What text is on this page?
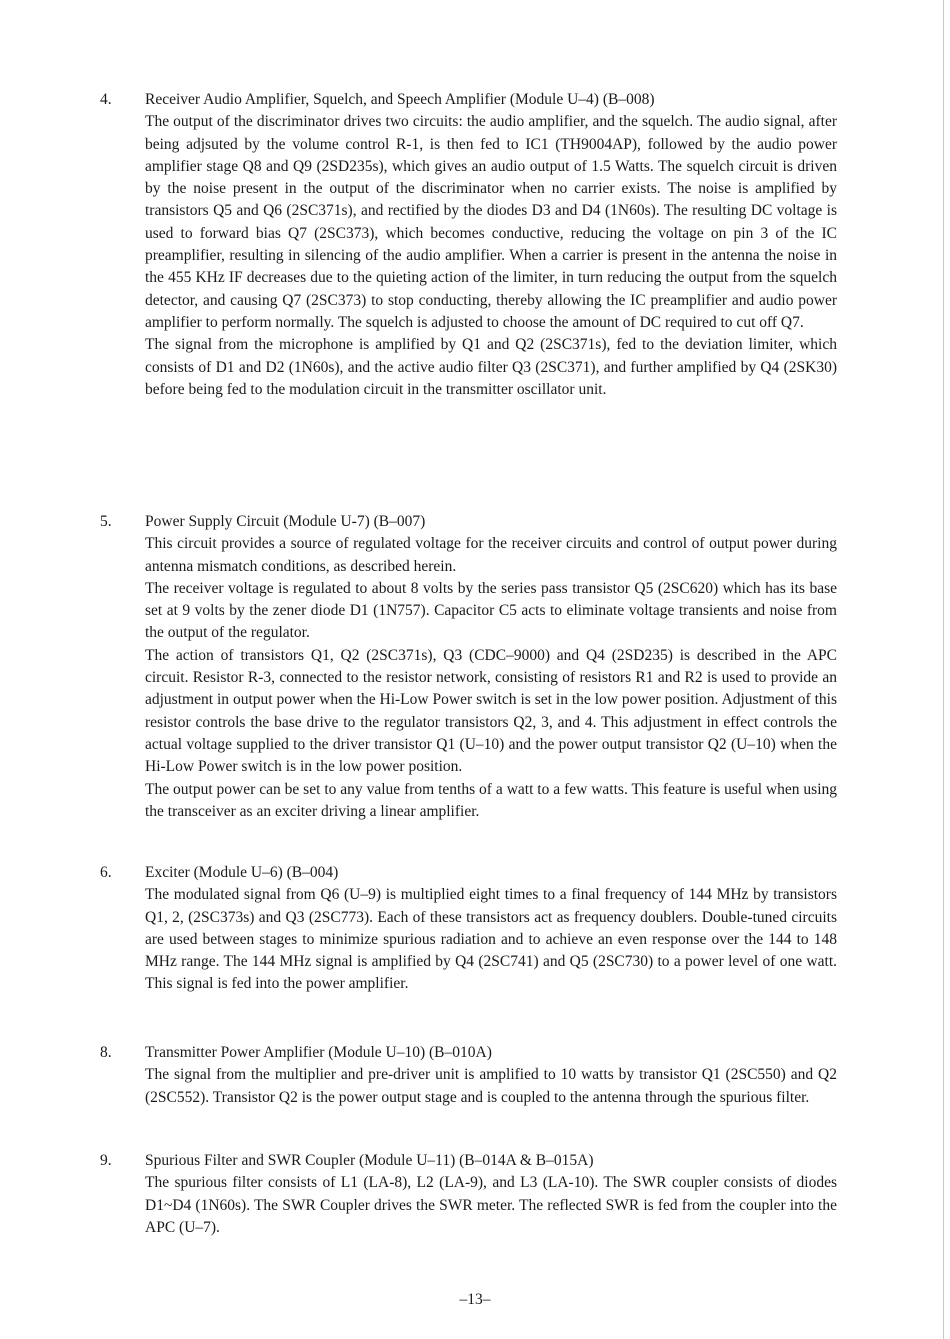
4. Receiver Audio Amplifier, Squelch, and Speech Amplifier (Module U–4) (B–008)

The output of the discriminator drives two circuits: the audio amplifier, and the squelch. The audio signal, after being adjsuted by the volume control R-1, is then fed to IC1 (TH9004AP), followed by the audio power amplifier stage Q8 and Q9 (2SD235s), which gives an audio output of 1.5 Watts. The squelch circuit is driven by the noise present in the output of the discriminator when no carrier exists. The noise is amplified by transistors Q5 and Q6 (2SC371s), and rectified by the diodes D3 and D4 (1N60s). The resulting DC voltage is used to forward bias Q7 (2SC373), which becomes conductive, reducing the voltage on pin 3 of the IC preamplifier, resulting in silencing of the audio amplifier. When a carrier is present in the antenna the noise in the 455 KHz IF decreases due to the quieting action of the limiter, in turn reducing the output from the squelch detector, and causing Q7 (2SC373) to stop conducting, thereby allowing the IC preamplifier and audio power amplifier to perform normally. The squelch is adjusted to choose the amount of DC required to cut off Q7.

The signal from the microphone is amplified by Q1 and Q2 (2SC371s), fed to the deviation limiter, which consists of D1 and D2 (1N60s), and the active audio filter Q3 (2SC371), and further amplified by Q4 (2SK30) before being fed to the modulation circuit in the transmitter oscillator unit.

5. Power Supply Circuit (Module U-7) (B–007)

This circuit provides a source of regulated voltage for the receiver circuits and control of output power during antenna mismatch conditions, as described herein.

The receiver voltage is regulated to about 8 volts by the series pass transistor Q5 (2SC620) which has its base set at 9 volts by the zener diode D1 (1N757). Capacitor C5 acts to eliminate voltage transients and noise from the output of the regulator.

The action of transistors Q1, Q2 (2SC371s), Q3 (CDC–9000) and Q4 (2SD235) is described in the APC circuit. Resistor R-3, connected to the resistor network, consisting of resistors R1 and R2 is used to provide an adjustment in output power when the Hi-Low Power switch is set in the low power position. Adjustment of this resistor controls the base drive to the regulator transistors Q2, 3, and 4. This adjustment in effect controls the actual voltage supplied to the driver transistor Q1 (U–10) and the power output transistor Q2 (U–10) when the Hi-Low Power switch is in the low power position.

The output power can be set to any value from tenths of a watt to a few watts. This feature is useful when using the transceiver as an exciter driving a linear amplifier.

6. Exciter (Module U–6) (B–004)

The modulated signal from Q6 (U–9) is multiplied eight times to a final frequency of 144 MHz by transistors Q1, 2, (2SC373s) and Q3 (2SC773). Each of these transistors act as frequency doublers. Double-tuned circuits are used between stages to minimize spurious radiation and to achieve an even response over the 144 to 148 MHz range. The 144 MHz signal is amplified by Q4 (2SC741) and Q5 (2SC730) to a power level of one watt. This signal is fed into the power amplifier.

8. Transmitter Power Amplifier (Module U–10) (B–010A)

The signal from the multiplier and pre-driver unit is amplified to 10 watts by transistor Q1 (2SC550) and Q2 (2SC552). Transistor Q2 is the power output stage and is coupled to the antenna through the spurious filter.

9. Spurious Filter and SWR Coupler (Module U–11) (B–014A & B–015A)

The spurious filter consists of L1 (LA-8), L2 (LA-9), and L3 (LA-10). The SWR coupler consists of diodes D1~D4 (1N60s). The SWR Coupler drives the SWR meter. The reflected SWR is fed from the coupler into the APC (U–7).

–13–
